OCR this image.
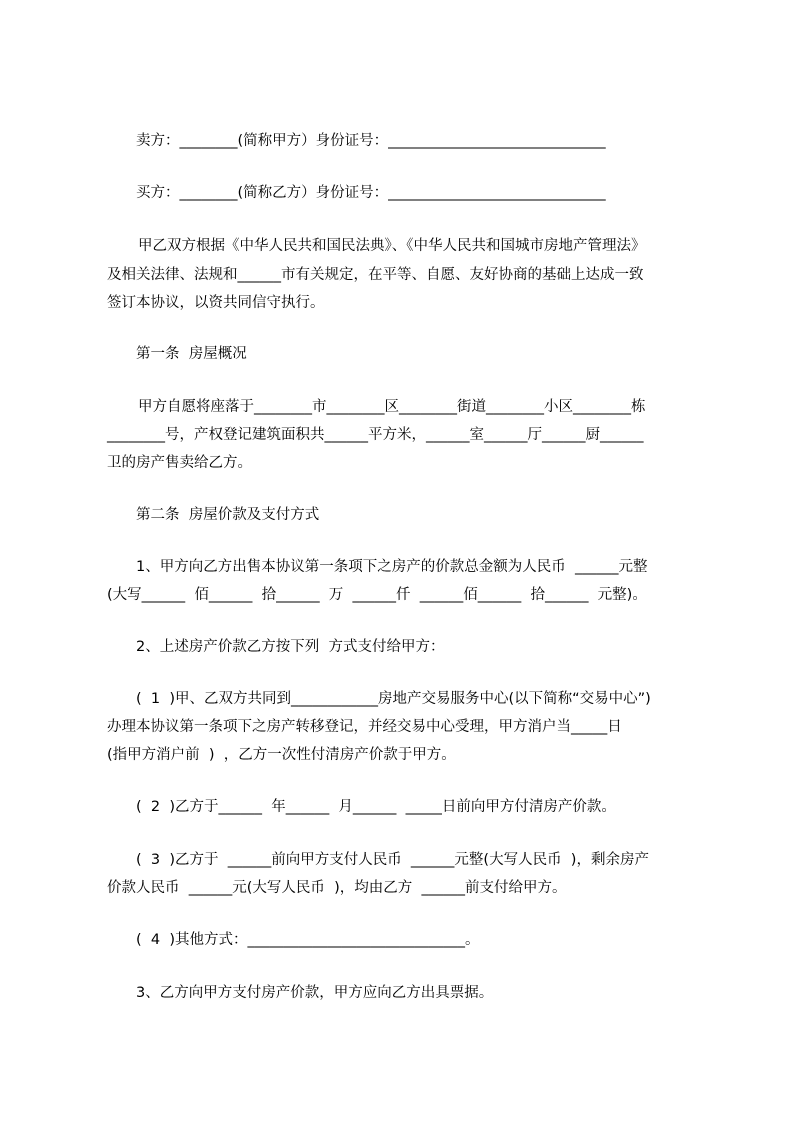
卖方：________(简称甲方）身份证号：______________________________
买方：________(简称乙方）身份证号：______________________________
甲乙双方根据《中华人民共和国民法典》、《中华人民共和国城市房地产管理法》
及相关法律、法规和______市有关规定，在平等、自愿、友好协商的基础上达成一致
签订本协议，以资共同信守执行。
第一条  房屋概况
甲方自愿将座落于________市________区________街道________小区________栋
________号，产权登记建筑面积共______平方米，______室______厅______厨______
卫的房产售卖给乙方。
第二条  房屋价款及支付方式
1、甲方向乙方出售本协议第一条项下之房产的价款总金额为人民币  ______元整
(大写______  佰______  拾______  万  ______仟  ______佰______  拾______  元整)。
2、上述房产价款乙方按下列  方式支付给甲方：
(  1  )甲、乙双方共同到____________房地产交易服务中心(以下简称“交易中心”)
办理本协议第一条项下之房产转移登记，并经交易中心受理，甲方消户当_____日
(指甲方消户前  )  ，乙方一次性付清房产价款于甲方。
(  2  )乙方于______  年______  月______  _____日前向甲方付清房产价款。
(  3  )乙方于  ______前向甲方支付人民币  ______元整(大写人民币  )，剩余房产
价款人民币  ______元(大写人民币  )，均由乙方  ______前支付给甲方。
(  4  )其他方式：______________________________。
3、乙方向甲方支付房产价款，甲方应向乙方出具票据。
